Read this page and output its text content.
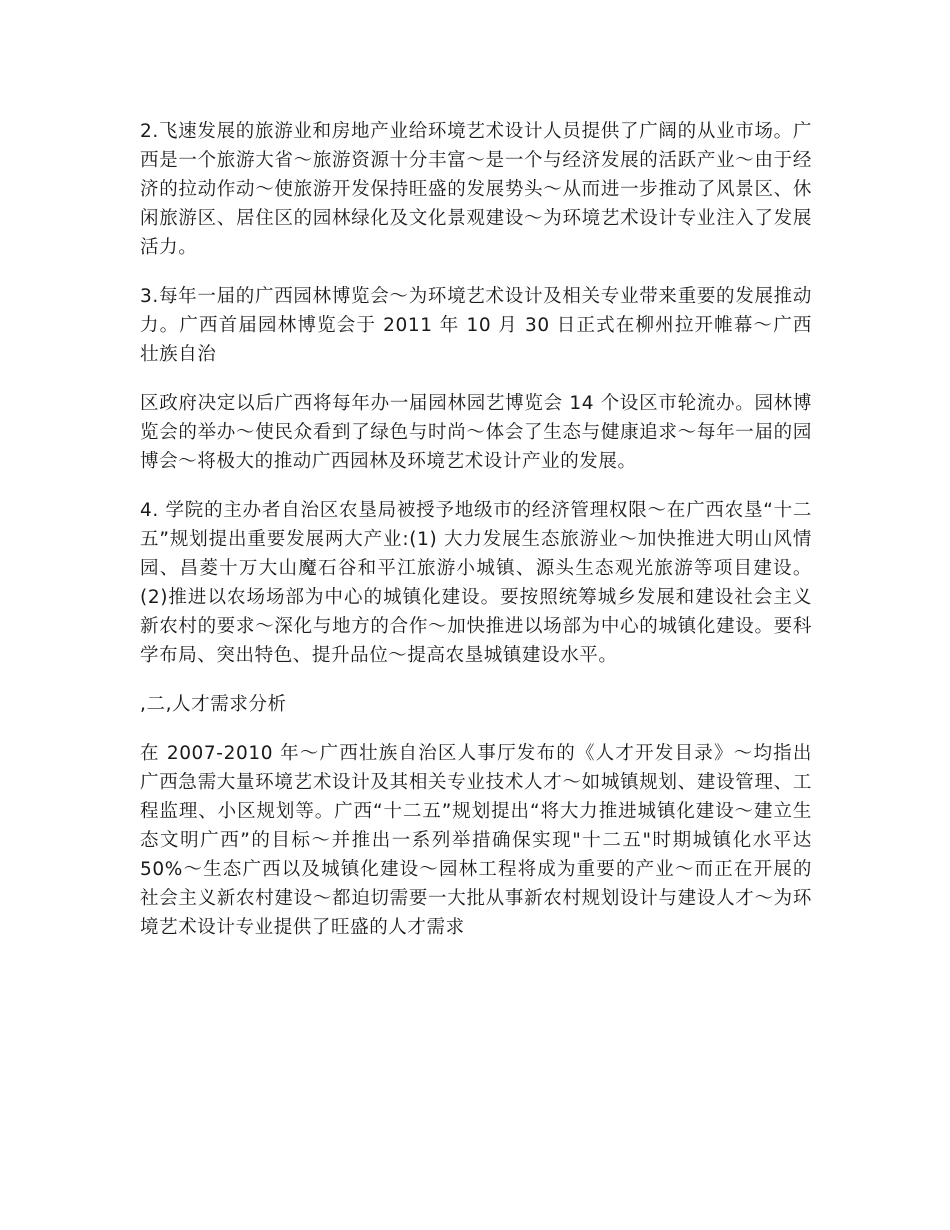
2.飞速发展的旅游业和房地产业给环境艺术设计人员提供了广阔的从业市场。广西是一个旅游大省～旅游资源十分丰富～是一个与经济发展的活跃产业～由于经济的拉动作动～使旅游开发保持旺盛的发展势头～从而进一步推动了风景区、休闲旅游区、居住区的园林绿化及文化景观建设～为环境艺术设计专业注入了发展活力。

3.每年一届的广西园林博览会～为环境艺术设计及相关专业带来重要的发展推动力。广西首届园林博览会于 2011 年 10 月 30 日正式在柳州拉开帷幕～广西壮族自治

区政府决定以后广西将每年办一届园林园艺博览会 14 个设区市轮流办。园林博览会的举办～使民众看到了绿色与时尚～体会了生态与健康追求～每年一届的园博会～将极大的推动广西园林及环境艺术设计产业的发展。

4. 学院的主办者自治区农垦局被授予地级市的经济管理权限～在广西农垦“十二五”规划提出重要发展两大产业:(1) 大力发展生态旅游业～加快推进大明山风情园、昌菱十万大山魔石谷和平江旅游小城镇、源头生态观光旅游等项目建设。(2)推进以农场场部为中心的城镇化建设。要按照统筹城乡发展和建设社会主义新农村的要求～深化与地方的合作～加快推进以场部为中心的城镇化建设。要科学布局、突出特色、提升品位～提高农垦城镇建设水平。

,二,人才需求分析

在 2007-2010 年～广西壮族自治区人事厅发布的《人才开发目录》～均指出广西急需大量环境艺术设计及其相关专业技术人才～如城镇规划、建设管理、工程监理、小区规划等。广西“十二五”规划提出“将大力推进城镇化建设～建立生态文明广西”的目标～并推出一系列举措确保实现"十二五"时期城镇化水平达 50%～生态广西以及城镇化建设～园林工程将成为重要的产业～而正在开展的社会主义新农村建设～都迫切需要一大批从事新农村规划设计与建设人才～为环境艺术设计专业提供了旺盛的人才需求
